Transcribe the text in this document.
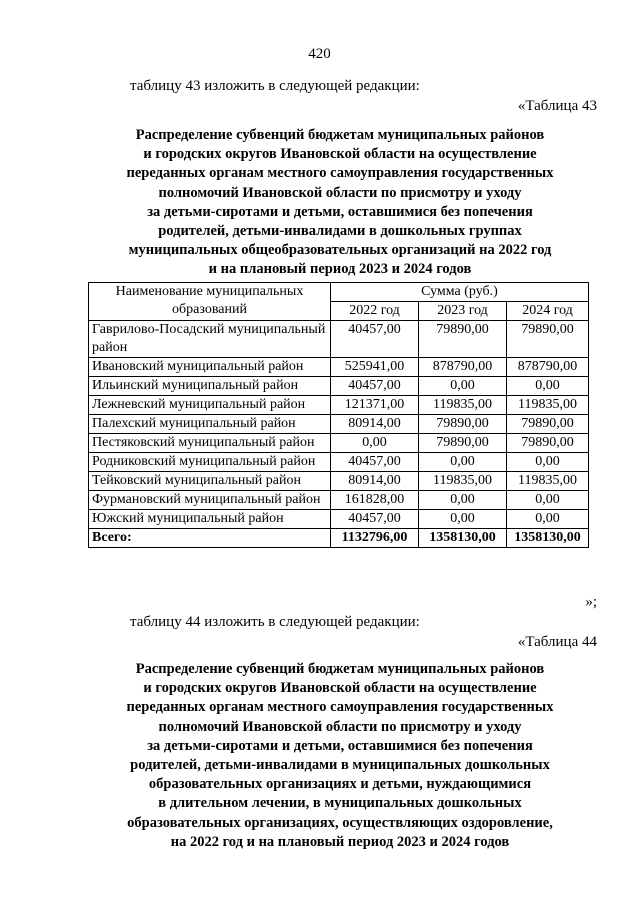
420
таблицу 43 изложить в следующей редакции:
«Таблица 43
Распределение субвенций бюджетам муниципальных районов
и городских округов Ивановской области на осуществление
переданных органам местного самоуправления государственных
полномочий Ивановской области по присмотру и уходу
за детьми-сиротами и детьми, оставшимися без попечения
родителей, детьми-инвалидами в дошкольных группах
муниципальных общеобразовательных организаций на 2022 год
и на плановый период 2023 и 2024 годов
Наименование муниципальных образований	Сумма (руб.)		
	2022 год	2023 год	2024 год
Гаврилово-Посадский муниципальный район	40457,00	79890,00	79890,00
Ивановский муниципальный район	525941,00	878790,00	878790,00
Ильинский муниципальный район	40457,00	0,00	0,00
Лежневский муниципальный район	121371,00	119835,00	119835,00
Палехский муниципальный район	80914,00	79890,00	79890,00
Пестяковский муниципальный район	0,00	79890,00	79890,00
Родниковский муниципальный район	40457,00	0,00	0,00
Тейковский муниципальный район	80914,00	119835,00	119835,00
Фурмановский муниципальный район	161828,00	0,00	0,00
Южский муниципальный район	40457,00	0,00	0,00
Всего:	1132796,00	1358130,00	1358130,00
»;
таблицу 44 изложить в следующей редакции:
«Таблица 44
Распределение субвенций бюджетам муниципальных районов
и городских округов Ивановской области на осуществление
переданных органам местного самоуправления государственных
полномочий Ивановской области по присмотру и уходу
за детьми-сиротами и детьми, оставшимися без попечения
родителей, детьми-инвалидами в муниципальных дошкольных
образовательных организациях и детьми, нуждающимися
в длительном лечении, в муниципальных дошкольных
образовательных организациях, осуществляющих оздоровление,
на 2022 год и на плановый период 2023 и 2024 годов
